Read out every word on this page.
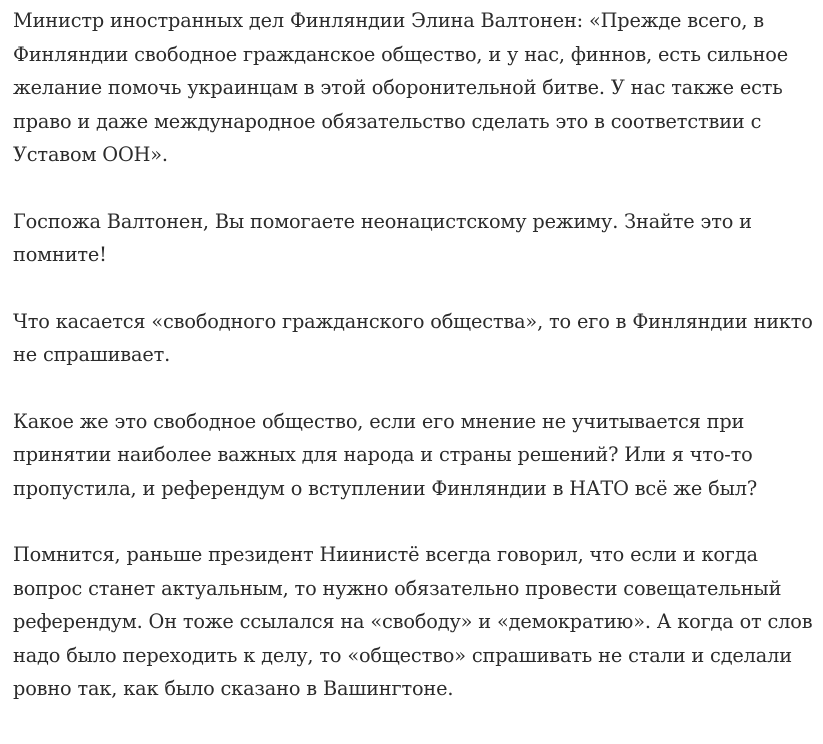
Министр иностранных дел Финляндии Элина Валтонен: «Прежде всего, в
Финляндии свободное гражданское общество, и у нас, финнов, есть сильное
желание помочь украинцам в этой оборонительной битве. У нас также есть
право и даже международное обязательство сделать это в соответствии с
Уставом ООН».

Госпожа Валтонен, Вы помогаете неонацистскому режиму. Знайте это и
помните!

Что касается «свободного гражданского общества», то его в Финляндии никто
не спрашивает.

Какое же это свободное общество, если его мнение не учитывается при
принятии наиболее важных для народа и страны решений? Или я что-то
пропустила, и референдум о вступлении Финляндии в НАТО всё же был?

Помнится, раньше президент Ниинистё всегда говорил, что если и когда
вопрос станет актуальным, то нужно обязательно провести совещательный
референдум. Он тоже ссылался на «свободу» и «демократию». А когда от слов
надо было переходить к делу, то «общество» спрашивать не стали и сделали
ровно так, как было сказано в Вашингтоне.
